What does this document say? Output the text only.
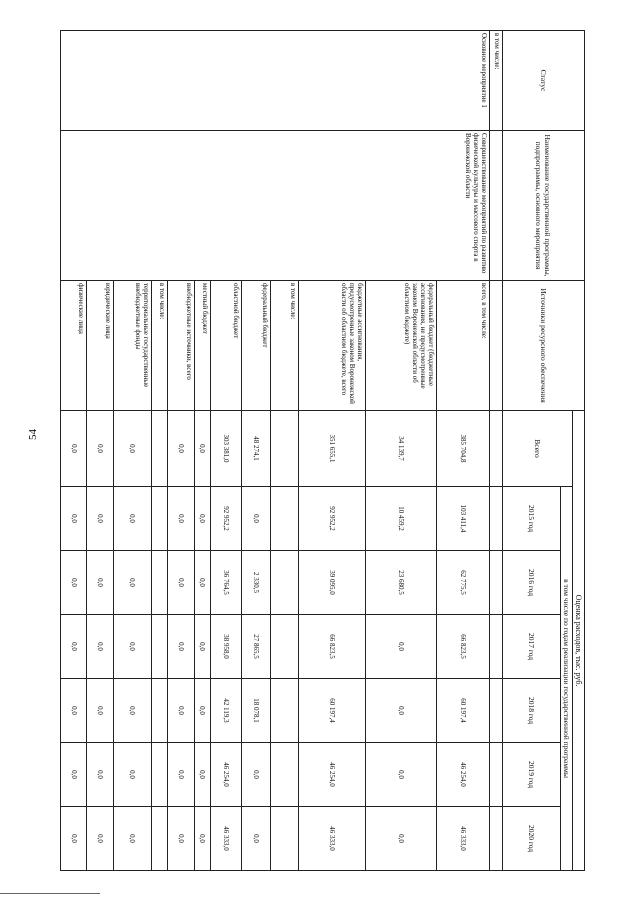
54
Статус	Наименование государственной программы, подпрограммы, основного мероприятия	Источники ресурсного обеспечения	Оценка расходов, тыс. руб.						
			Всего	в том числе по годам реализации государственной программы					
				2015 год	2016 год	2017 год	2018 год	2019 год	2020 год
в том числе:									
Основное мероприятие 1	Совершенствование мероприятий по развитию физической культуры и массового спорта в Воронежской области	всего, в том числе:	385 704,8	103 411,4	62 775,5	66 823,5	60 197,4	46 254,0	46 333,0
		федеральный бюджет (бюджетные ассигнования, не предусмотренные законом Воронежской области об областном бюджете)	34 139,7	10 459,2	23 680,5	0,0	0,0	0,0	0,0
		бюджетные ассигнования, предусмотренные законом Воронежской области об областном бюджете, всего	351 655,1	92 952,2	39 095,0	66 823,5	60 197,4	46 254,0	46 333,0
		в том числе:							
		федеральный бюджет	48 274,1	0,0	2 330,5	27 865,5	18 078,1	0,0	0,0
		областной бюджет	303 381,0	92 952,2	36 764,5	38 958,0	42 119,3	46 254,0	46 333,0
		местный бюджет	0,0	0,0	0,0	0,0	0,0	0,0	0,0
		внебюджетные источники, всего	0,0	0,0	0,0	0,0	0,0	0,0	0,0
		в том числе:							
		территориальные государственные внебюджетные фонды	0,0	0,0	0,0	0,0	0,0	0,0	0,0
		юридические лица	0,0	0,0	0,0	0,0	0,0	0,0	0,0
		физические лица	0,0	0,0	0,0	0,0	0,0	0,0	0,0
